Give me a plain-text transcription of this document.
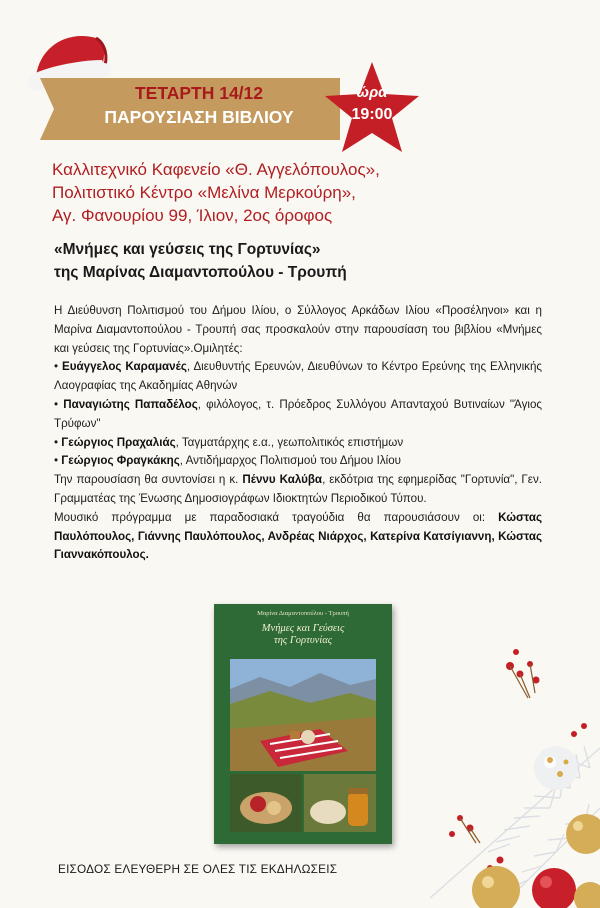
ΤΕΤΑΡΤΗ 14/12
ΠΑΡΟΥΣΙΑΣΗ ΒΙΒΛΙΟΥ
ώρα
19:00
Καλλιτεχνικό Καφενείο «Θ. Αγγελόπουλος»,
Πολιτιστικό Κέντρο «Μελίνα Μερκούρη»,
Αγ. Φανουρίου 99, Ίλιον, 2ος όροφος
«Μνήμες και γεύσεις της Γορτυνίας»
της Μαρίνας Διαμαντοπούλου - Τρουπή

Η Διεύθυνση Πολιτισμού του Δήμου Ιλίου, ο Σύλλογος Αρκάδων Ιλίου «Προσέληνοι» και η Μαρίνα Διαμαντοπούλου - Τρουπή σας προσκαλούν στην παρουσίαση του βιβλίου «Μνήμες και γεύσεις της Γορτυνίας».Ομιλητές:

• Ευάγγελος Καραμανές, Διευθυντής Ερευνών, Διευθύνων το Κέντρο Ερεύνης της Ελληνικής Λαογραφίας της Ακαδημίας Αθηνών

• Παναγιώτης Παπαδέλος, φιλόλογος, τ. Πρόεδρος Συλλόγου Απανταχού Βυτιναίων "Άγιος Τρύφων"

• Γεώργιος Πραχαλιάς, Ταγματάρχης ε.α., γεωπολιτικός επιστήμων

• Γεώργιος Φραγκάκης, Αντιδήμαρχος Πολιτισμού του Δήμου Ιλίου

Την παρουσίαση θα συντονίσει η κ. Πέννυ Καλύβα, εκδότρια της εφημερίδας "Γορτυνία", Γεν. Γραμματέας της Ένωσης Δημοσιογράφων Ιδιοκτητών Περιοδικού Τύπου.

Μουσικό πρόγραμμα με παραδοσιακά τραγούδια θα παρουσιάσουν οι: Κώστας Παυλόπουλος, Γιάννης Παυλόπουλος, Ανδρέας Νιάρχος, Κατερίνα Κατσίγιαννη, Κώστας Γιαννακόπουλος.

Μαρίνα Διαμαντοπούλου - Τρουπή
Μνήμες και Γεύσεις
της Γορτυνίας
ΕΙΣΟΔΟΣ ΕΛΕΥΘΕΡΗ ΣΕ ΟΛΕΣ ΤΙΣ ΕΚΔΗΛΩΣΕΙΣ
